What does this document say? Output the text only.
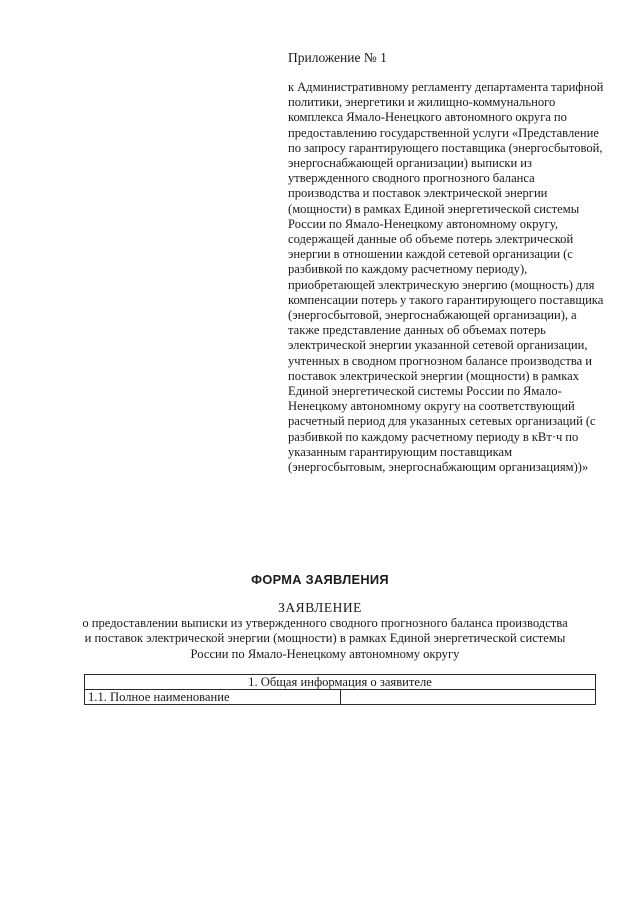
Приложение № 1

к Административному регламенту департамента тарифной политики, энергетики и жилищно-коммунального комплекса Ямало-Ненецкого автономного округа по предоставлению государственной услуги «Представление по запросу гарантирующего поставщика (энергосбытовой, энергоснабжающей организации) выписки из утвержденного сводного прогнозного баланса производства и поставок электрической энергии (мощности) в рамках Единой энергетической системы России по Ямало-Ненецкому автономному округу, содержащей данные об объеме потерь электрической энергии в отношении каждой сетевой организации (с разбивкой по каждому расчетному периоду), приобретающей электрическую энергию (мощность) для компенсации потерь у такого гарантирующего поставщика (энергосбытовой, энергоснабжающей организации), а также представление данных об объемах потерь электрической энергии указанной сетевой организации, учтенных в сводном прогнозном балансе производства и поставок электрической энергии (мощности) в рамках Единой энергетической системы России по Ямало-Ненецкому автономному округу на соответствующий расчетный период для указанных сетевых организаций (с разбивкой по каждому расчетному периоду в кВт·ч по указанным гарантирующим поставщикам (энергосбытовым, энергоснабжающим организациям))»

ФОРМА ЗАЯВЛЕНИЯ

ЗАЯВЛЕНИЕ

о предоставлении выписки из утвержденного сводного прогнозного баланса производства и поставок электрической энергии (мощности) в рамках Единой энергетической системы России по Ямало-Ненецкому автономному округу

1. Общая информация о заявителе
1.1. Полное наименование	
